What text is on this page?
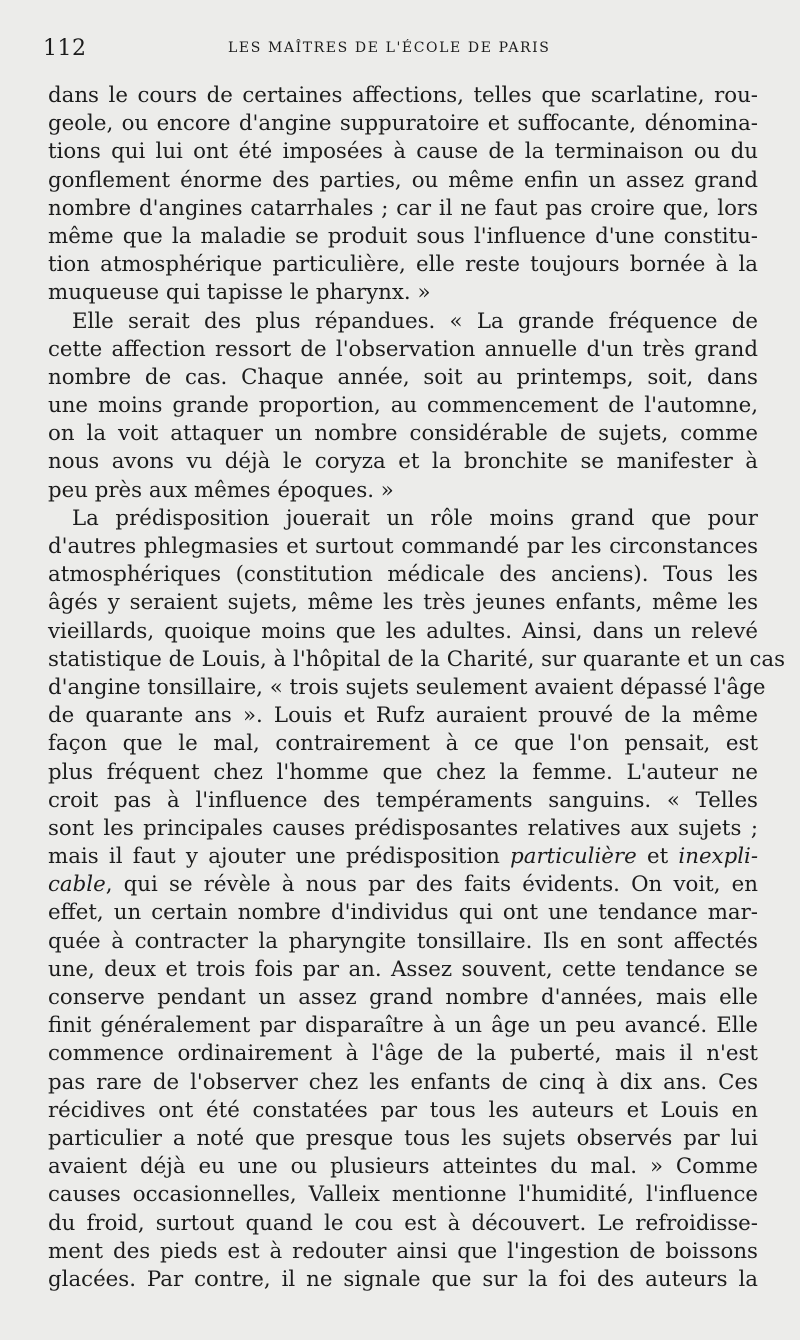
112	LES MAÎTRES DE L'ÉCOLE DE PARIS
dans le cours de certaines affections, telles que scarlatine, rou-
geole, ou encore d'angine suppuratoire et suffocante, dénomina-
tions qui lui ont été imposées à cause de la terminaison ou du
gonflement énorme des parties, ou même enfin un assez grand
nombre d'angines catarrhales ; car il ne faut pas croire que, lors
même que la maladie se produit sous l'influence d'une constitu-
tion atmosphérique particulière, elle reste toujours bornée à la
muqueuse qui tapisse le pharynx. »
Elle serait des plus répandues. « La grande fréquence de
cette affection ressort de l'observation annuelle d'un très grand
nombre de cas. Chaque année, soit au printemps, soit, dans
une moins grande proportion, au commencement de l'automne,
on la voit attaquer un nombre considérable de sujets, comme
nous avons vu déjà le coryza et la bronchite se manifester à
peu près aux mêmes époques. »
La prédisposition jouerait un rôle moins grand que pour
d'autres phlegmasies et surtout commandé par les circonstances
atmosphériques (constitution médicale des anciens). Tous les
âgés y seraient sujets, même les très jeunes enfants, même les
vieillards, quoique moins que les adultes. Ainsi, dans un relevé
statistique de Louis, à l'hôpital de la Charité, sur quarante et un cas
d'angine tonsillaire, « trois sujets seulement avaient dépassé l'âge
de quarante ans ». Louis et Rufz auraient prouvé de la même
façon que le mal, contrairement à ce que l'on pensait, est
plus fréquent chez l'homme que chez la femme. L'auteur ne
croit pas à l'influence des tempéraments sanguins. « Telles
sont les principales causes prédisposantes relatives aux sujets ;
mais il faut y ajouter une prédisposition particulière et inexpli-
cable, qui se révèle à nous par des faits évidents. On voit, en
effet, un certain nombre d'individus qui ont une tendance mar-
quée à contracter la pharyngite tonsillaire. Ils en sont affectés
une, deux et trois fois par an. Assez souvent, cette tendance se
conserve pendant un assez grand nombre d'années, mais elle
finit généralement par disparaître à un âge un peu avancé. Elle
commence ordinairement à l'âge de la puberté, mais il n'est
pas rare de l'observer chez les enfants de cinq à dix ans. Ces
récidives ont été constatées par tous les auteurs et Louis en
particulier a noté que presque tous les sujets observés par lui
avaient déjà eu une ou plusieurs atteintes du mal. » Comme
causes occasionnelles, Valleix mentionne l'humidité, l'influence
du froid, surtout quand le cou est à découvert. Le refroidisse-
ment des pieds est à redouter ainsi que l'ingestion de boissons
glacées. Par contre, il ne signale que sur la foi des auteurs la
